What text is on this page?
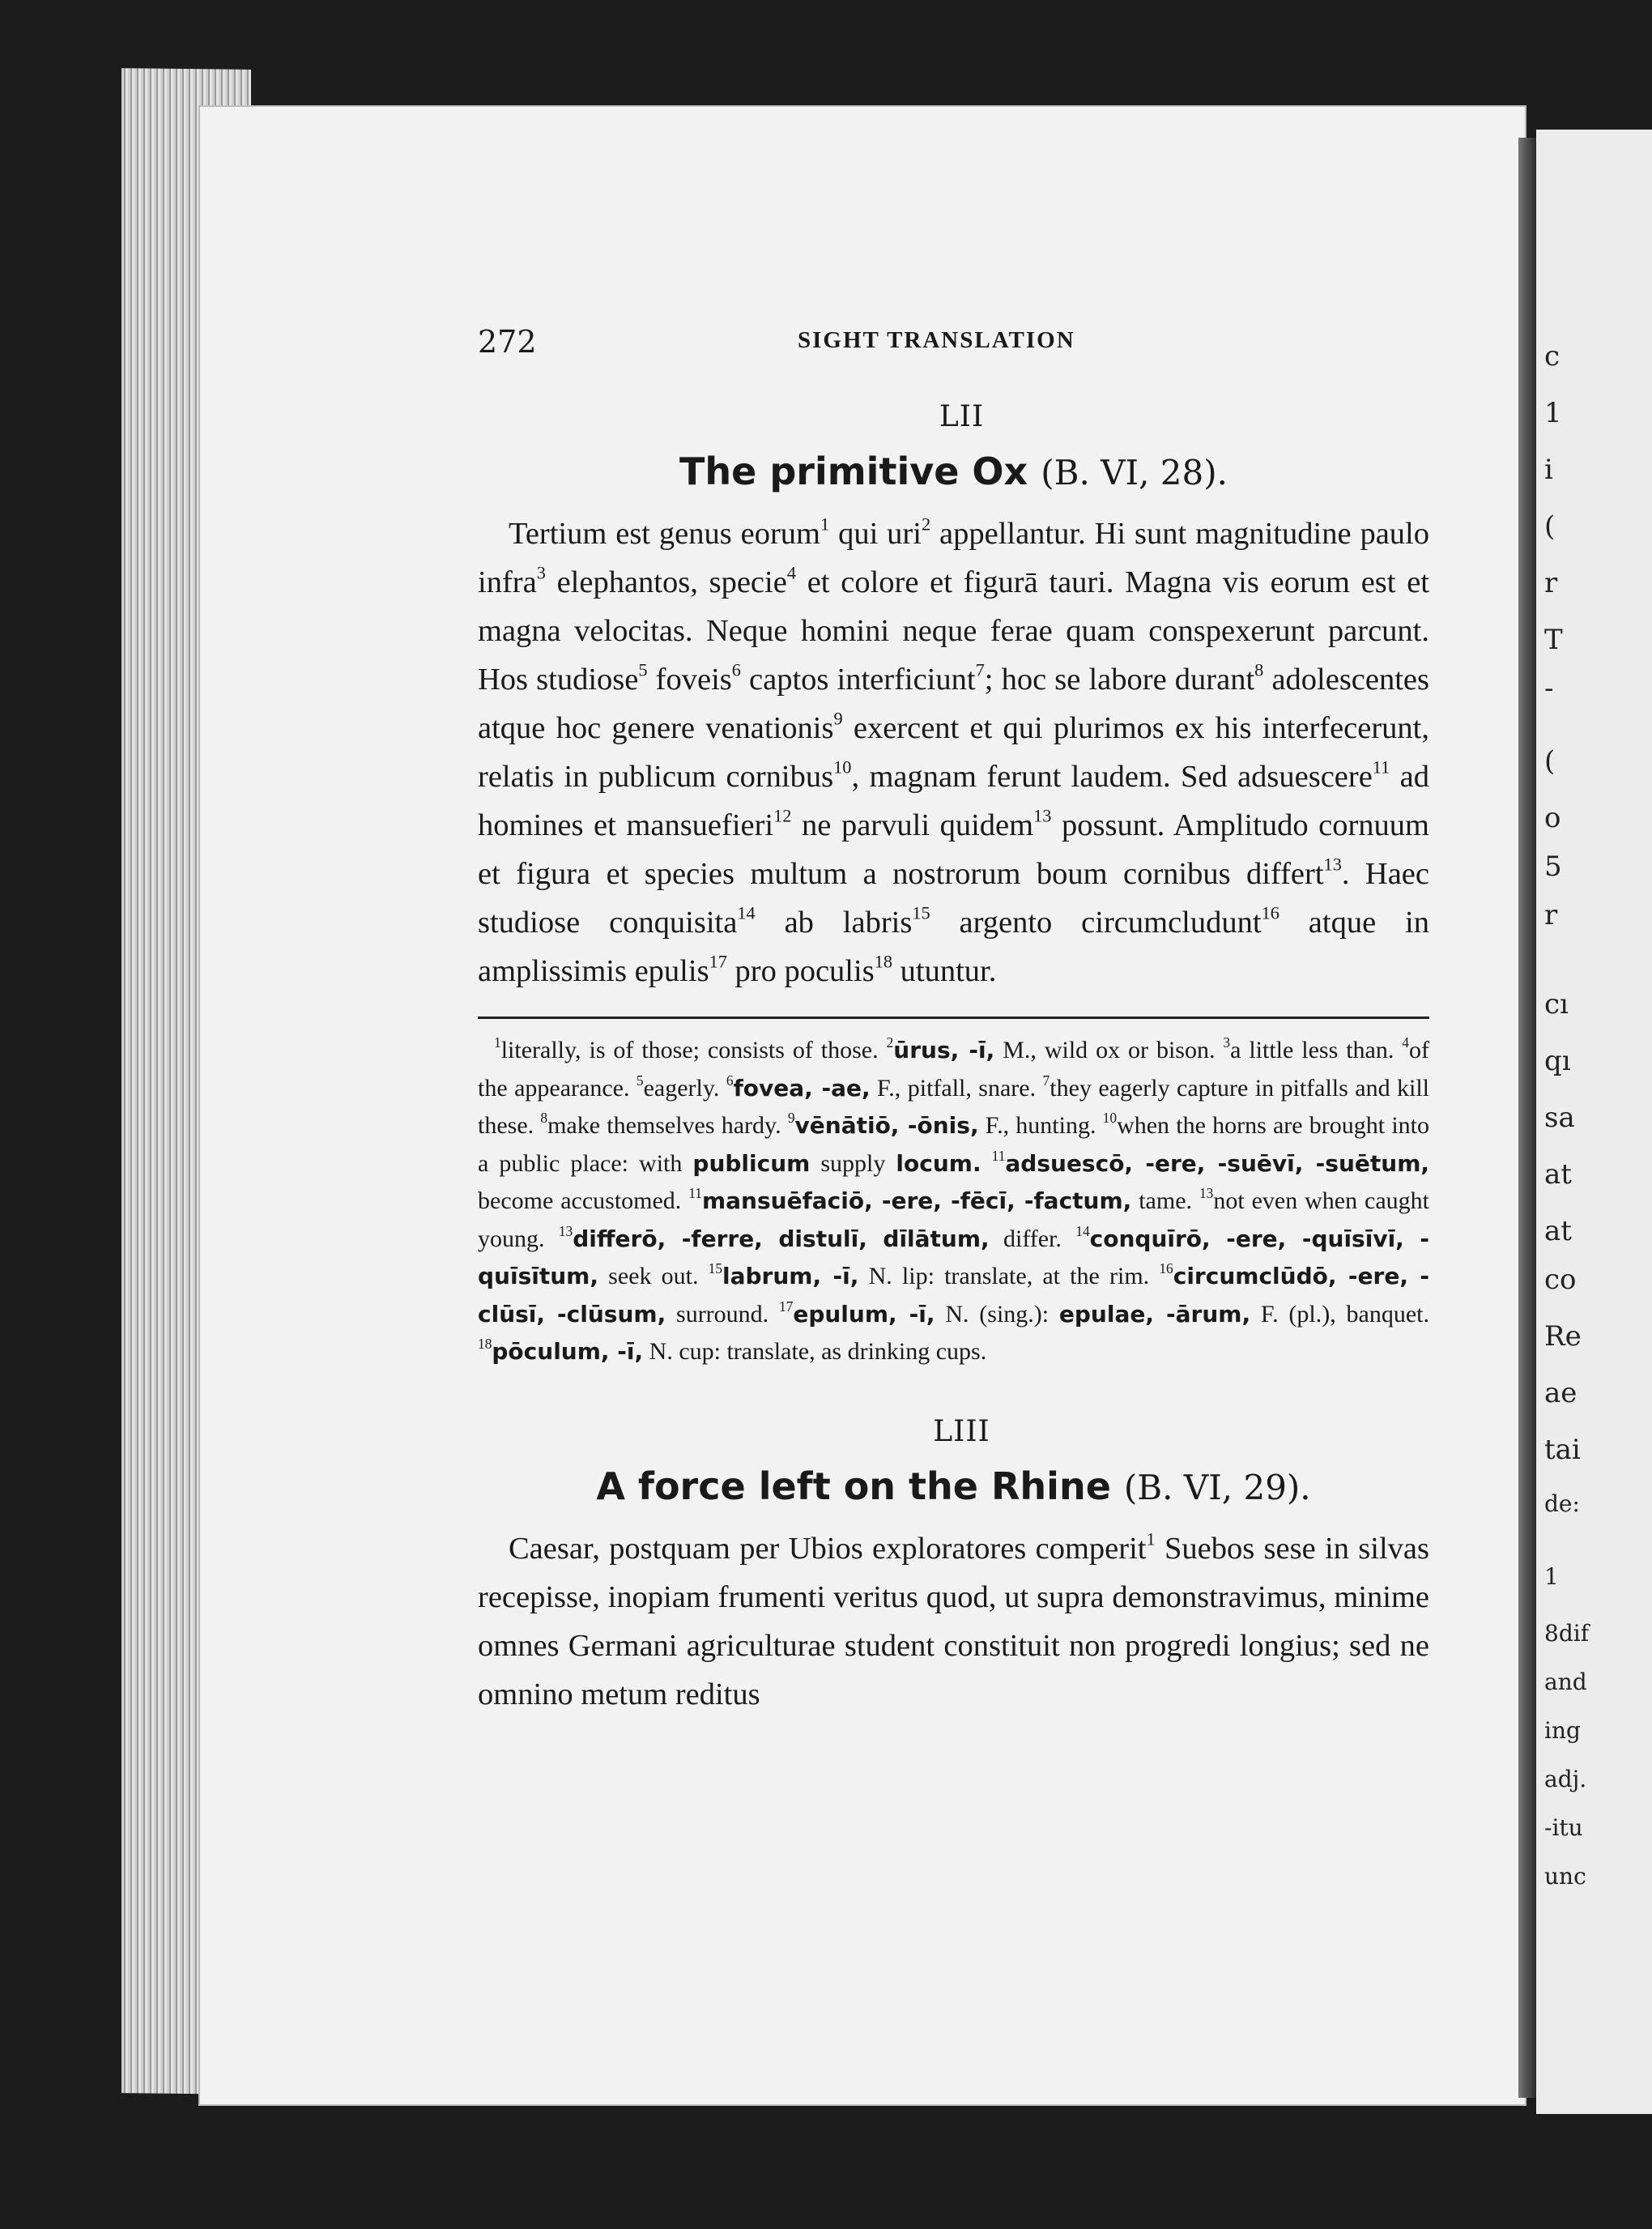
c
1
i
(
r
T
-
(
o
5
r
cı
qı
sa
at
at
co
Re
ae
tai
de:
1
8dif
and
ing
adj.
-itu
unc
272	SIGHT TRANSLATION
LII
The primitive Ox (B. VI, 28).
Tertium est genus eorum$^1$ qui uri$^2$ appellantur. Hi sunt magnitudine paulo infra$^3$ elephantos, specie$^4$ et colore et figurā tauri. Magna vis eorum est et magna velocitas. Neque homini neque ferae quam conspexerunt parcunt. Hos studiose$^5$ foveis$^6$ captos interficiunt$^7$; hoc se labore durant$^8$ adolescentes atque hoc genere venationis$^9$ exercent et qui plurimos ex his interfecerunt, relatis in publicum cornibus$^{10}$, magnam ferunt laudem. Sed adsuescere$^{11}$ ad homines et mansuefieri$^{12}$ ne parvuli quidem$^{13}$ possunt. Amplitudo cornuum et figura et species multum a nostrorum boum cornibus differt$^{13}$. Haec studiose conquisita$^{14}$ ab labris$^{15}$ argento circumcludunt$^{16}$ atque in amplissimis epulis$^{17}$ pro poculis$^{18}$ utuntur.
$^1$literally, is of those; consists of those. $^2$ūrus, -ī, M., wild ox or bison. $^3$a little less than. $^4$of the appearance. $^5$eagerly. $^6$fovea, -ae, F., pitfall, snare. $^7$they eagerly capture in pitfalls and kill these. $^8$make themselves hardy. $^9$vēnātiō, -ōnis, F., hunting. $^{10}$when the horns are brought into a public place: with publicum supply locum. $^{11}$adsuescō, -ere, -suēvī, -suētum, become accustomed. $^{11}$mansuēfaciō, -ere, -fēcī, -factum, tame. $^{13}$not even when caught young. $^{13}$differō, -ferre, distulī, dīlātum, differ. $^{14}$conquīrō, -ere, -quīsīvī, -quīsītum, seek out. $^{15}$labrum, -ī, N. lip: translate, at the rim. $^{16}$circumclūdō, -ere, -clūsī, -clūsum, surround. $^{17}$epulum, -ī, N. (sing.): epulae, -ārum, F. (pl.), banquet. $^{18}$pōculum, -ī, N. cup: translate, as drinking cups.
LIII
A force left on the Rhine (B. VI, 29).
Caesar, postquam per Ubios exploratores comperit$^1$ Suebos sese in silvas recepisse, inopiam frumenti veritus quod, ut supra demonstravimus, minime omnes Germani agriculturae student constituit non progredi longius; sed ne omnino metum reditus
